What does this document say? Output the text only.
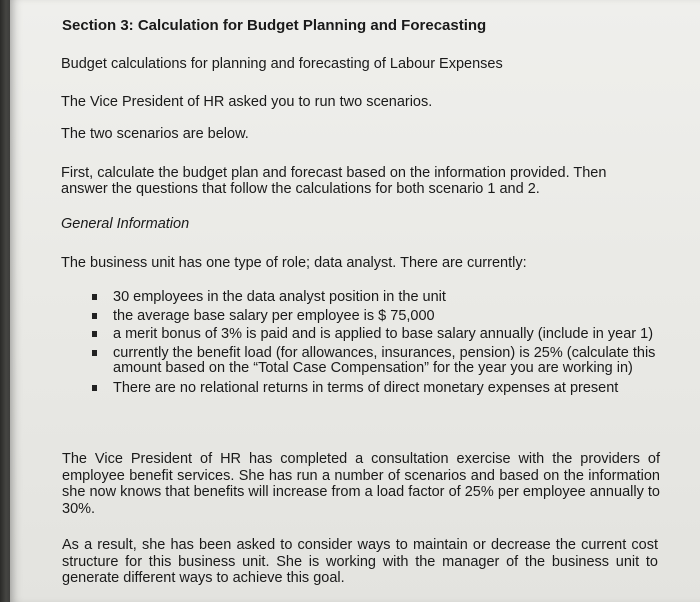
Section 3: Calculation for Budget Planning and Forecasting

Budget calculations for planning and forecasting of Labour Expenses

The Vice President of HR asked you to run two scenarios.

The two scenarios are below.

First, calculate the budget plan and forecast based on the information provided. Then

answer the questions that follow the calculations for both scenario 1 and 2.

General Information

The business unit has one type of role; data analyst. There are currently:

30 employees in the data analyst position in the unit
the average base salary per employee is $ 75,000
a merit bonus of 3% is paid and is applied to base salary annually (include in year 1)
currently the benefit load (for allowances, insurances, pension) is 25% (calculate this amount based on the “Total Case Compensation” for the year you are working in)
There are no relational returns in terms of direct monetary expenses at present

The Vice President of HR has completed a consultation exercise with the providers of employee benefit services. She has run a number of scenarios and based on the information she now knows that benefits will increase from a load factor of 25% per employee annually to 30%.

As a result, she has been asked to consider ways to maintain or decrease the current cost structure for this business unit. She is working with the manager of the business unit to generate different ways to achieve this goal.
